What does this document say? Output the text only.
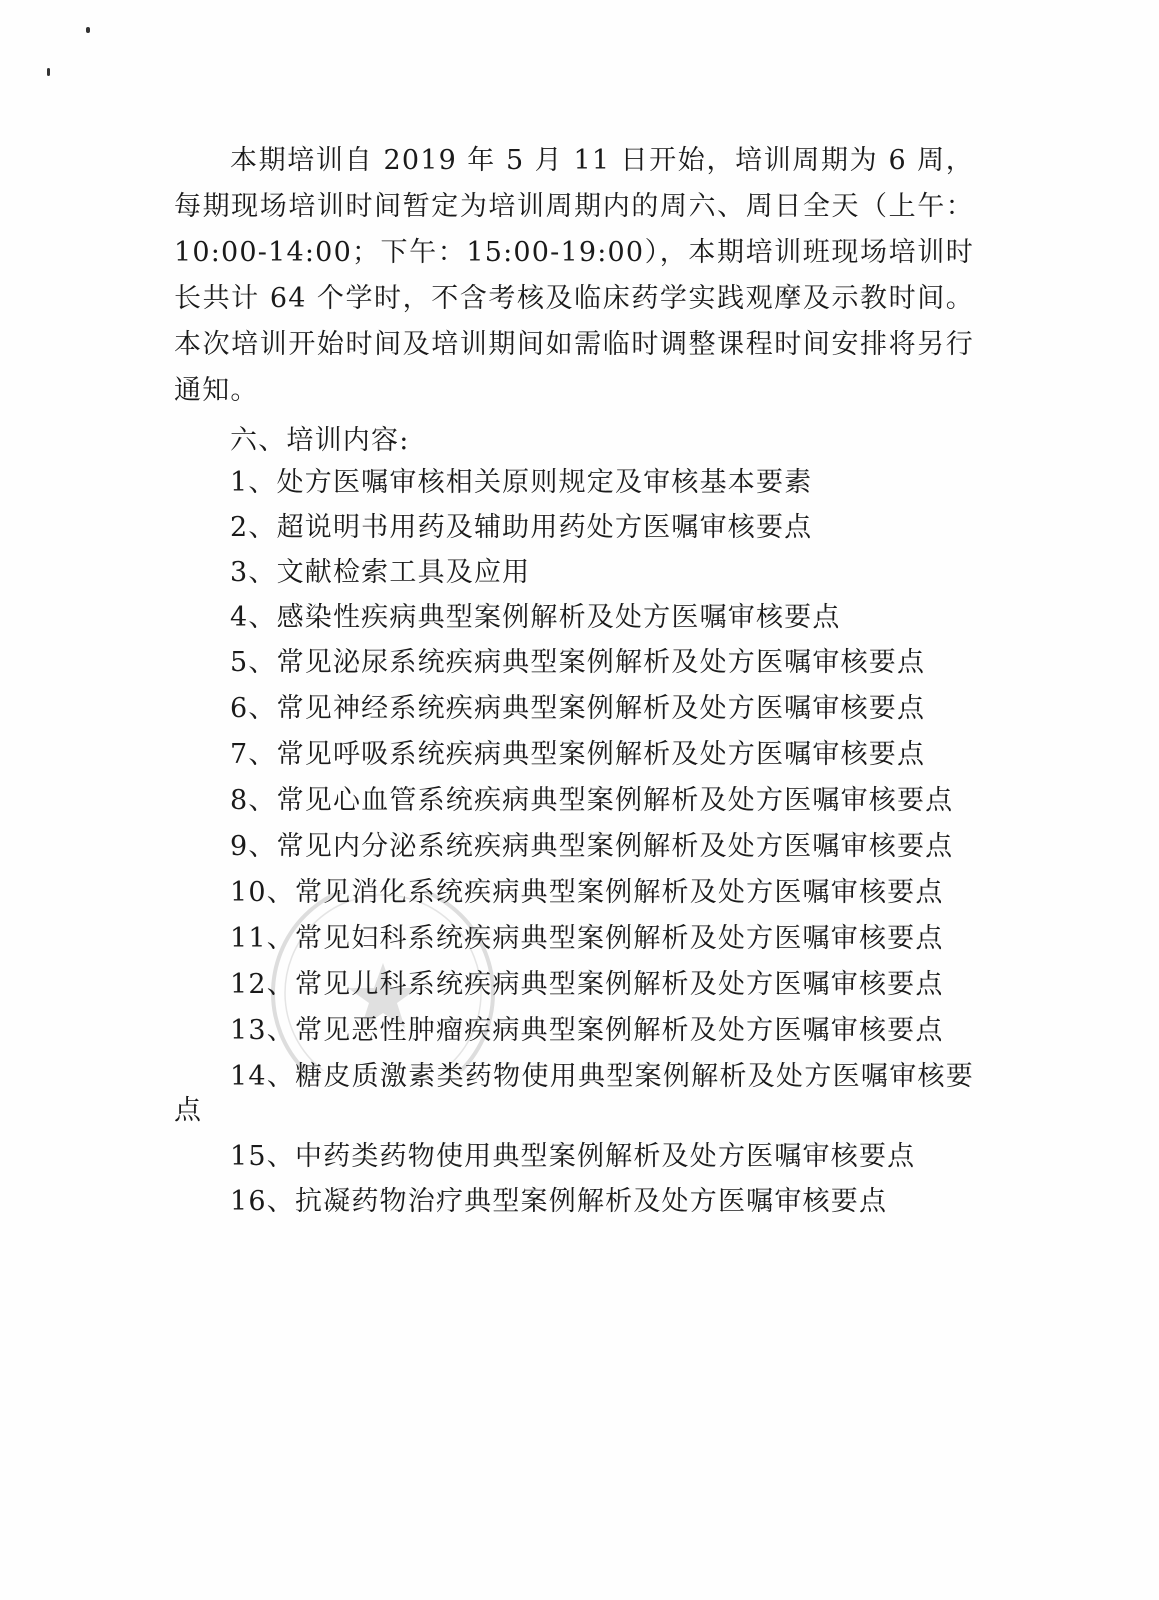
本期培训自 2019 年 5 月 11 日开始，培训周期为 6 周，每期现场培训时间暂定为培训周期内的周六、周日全天（上午：10:00-14:00；下午：15:00-19:00），本期培训班现场培训时长共计 64 个学时，不含考核及临床药学实践观摩及示教时间。本次培训开始时间及培训期间如需临时调整课程时间安排将另行通知。

六、培训内容:

1、处方医嘱审核相关原则规定及审核基本要素
2、超说明书用药及辅助用药处方医嘱审核要点
3、文献检索工具及应用
4、感染性疾病典型案例解析及处方医嘱审核要点
5、常见泌尿系统疾病典型案例解析及处方医嘱审核要点
6、常见神经系统疾病典型案例解析及处方医嘱审核要点
7、常见呼吸系统疾病典型案例解析及处方医嘱审核要点
8、常见心血管系统疾病典型案例解析及处方医嘱审核要点
9、常见内分泌系统疾病典型案例解析及处方医嘱审核要点
10、常见消化系统疾病典型案例解析及处方医嘱审核要点
11、常见妇科系统疾病典型案例解析及处方医嘱审核要点
12、常见儿科系统疾病典型案例解析及处方医嘱审核要点
13、常见恶性肿瘤疾病典型案例解析及处方医嘱审核要点
14、糖皮质激素类药物使用典型案例解析及处方医嘱审核要点
15、中药类药物使用典型案例解析及处方医嘱审核要点
16、抗凝药物治疗典型案例解析及处方医嘱审核要点
